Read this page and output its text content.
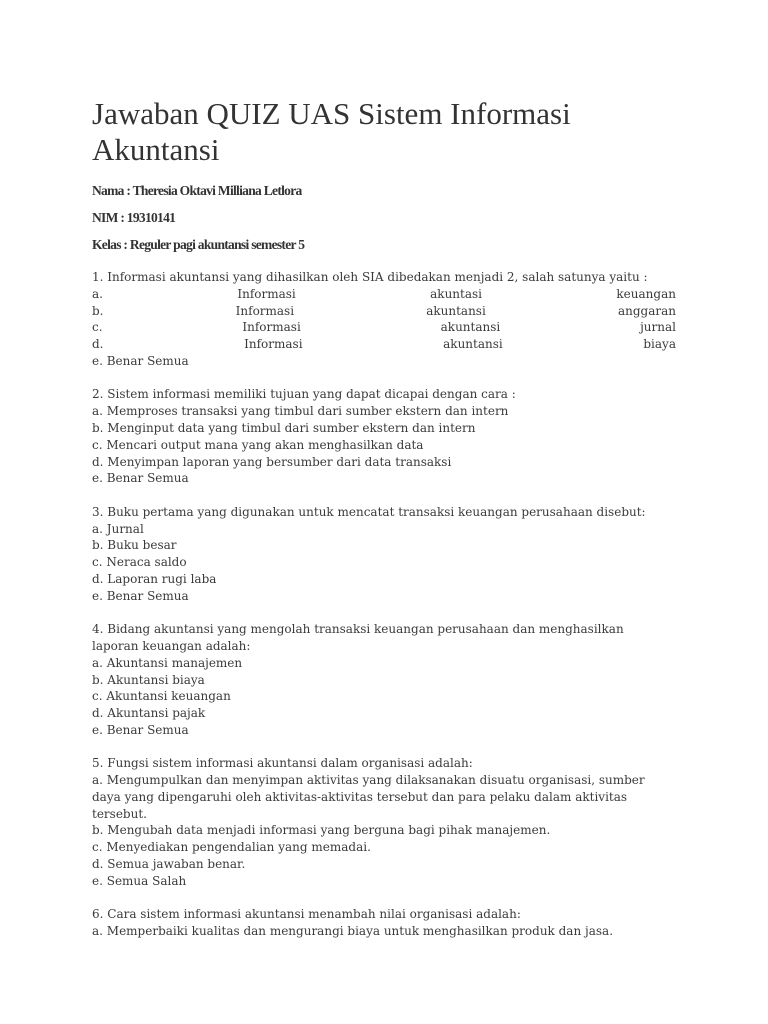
Jawaban QUIZ UAS Sistem Informasi Akuntansi

Nama : Theresia Oktavi Milliana Letlora

NIM : 19310141

Kelas : Reguler pagi akuntansi semester 5

1. Informasi akuntansi yang dihasilkan oleh SIA dibedakan menjadi 2, salah satunya yaitu :
a.	Informasi	akuntasi	keuangan
b.	Informasi	akuntansi	anggaran
c.	Informasi	akuntansi	jurnal
d.	Informasi	akuntansi	biaya
e. Benar Semua
2. Sistem informasi memiliki tujuan yang dapat dicapai dengan cara :
a. Memproses transaksi yang timbul dari sumber ekstern dan intern
b. Menginput data yang timbul dari sumber ekstern dan intern
c. Mencari output mana yang akan menghasilkan data
d. Menyimpan laporan yang bersumber dari data transaksi
e. Benar Semua
3. Buku pertama yang digunakan untuk mencatat transaksi keuangan perusahaan disebut:
a. Jurnal
b. Buku besar
c. Neraca saldo
d. Laporan rugi laba
e. Benar Semua
4. Bidang akuntansi yang mengolah transaksi keuangan perusahaan dan menghasilkan
laporan keuangan adalah:
a. Akuntansi manajemen
b. Akuntansi biaya
c. Akuntansi keuangan
d. Akuntansi pajak
e. Benar Semua
5. Fungsi sistem informasi akuntansi dalam organisasi adalah:
a. Mengumpulkan dan menyimpan aktivitas yang dilaksanakan disuatu organisasi, sumber
daya yang dipengaruhi oleh aktivitas-aktivitas tersebut dan para pelaku dalam aktivitas
tersebut.
b. Mengubah data menjadi informasi yang berguna bagi pihak manajemen.
c. Menyediakan pengendalian yang memadai.
d. Semua jawaban benar.
e. Semua Salah
6. Cara sistem informasi akuntansi menambah nilai organisasi adalah:
a. Memperbaiki kualitas dan mengurangi biaya untuk menghasilkan produk dan jasa.
